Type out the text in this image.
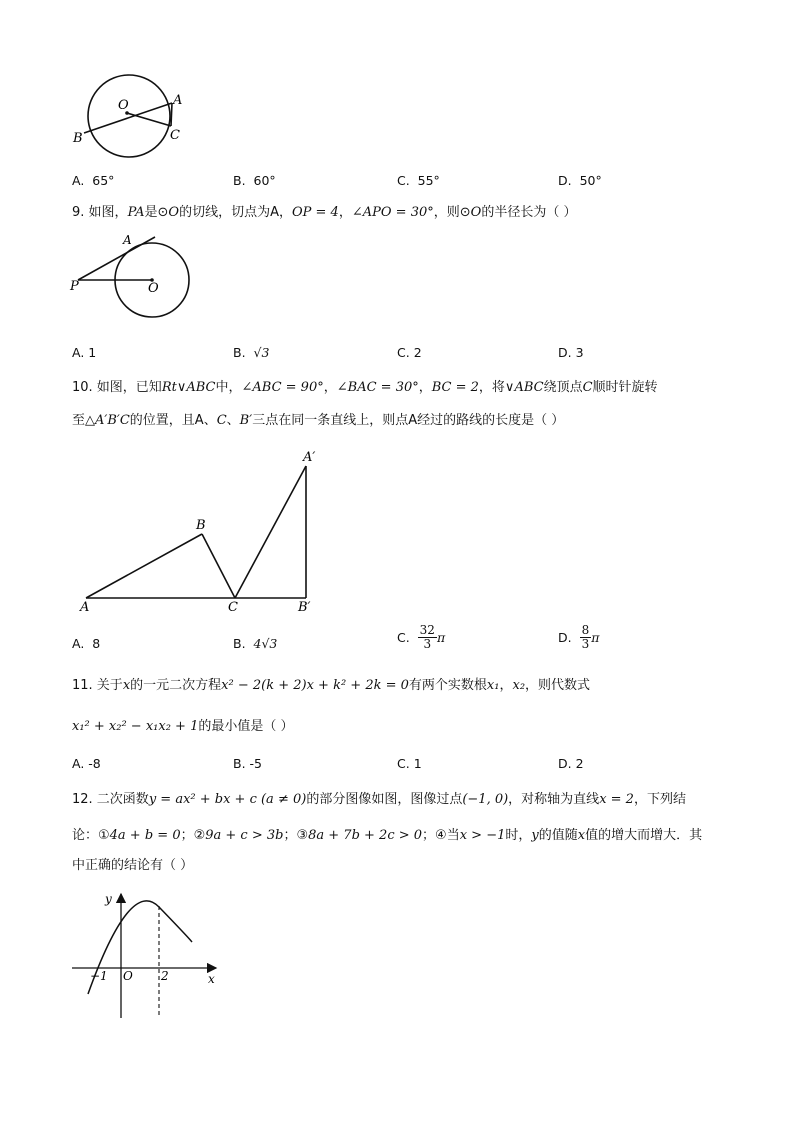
O	A
B	C
A. 65°	B. 60°	C. 55°	D. 50°
9. 如图，PA是⊙O的切线，切点为A，OP = 4，∠APO = 30°，则⊙O的半径长为（ ）
A
P	O
A. 1	B. √3	C. 2	D. 3
10. 如图，已知Rt∨ABC中，∠ABC = 90°，∠BAC = 30°，BC = 2，将∨ABC绕顶点C顺时针旋转
至△A′B′C的位置，且A、C、B′三点在同一条直线上，则点A经过的路线的长度是（ ）
A
B
C
A′
B′
A. 8	B. 4√3	C. $\frac{32}{3}$ π	D. $\frac{8}{3}$ π
11. 关于x的一元二次方程x² − 2(k + 2)x + k² + 2k = 0有两个实数根x₁，x₂，则代数式
x₁² + x₂² − x₁x₂ + 1的最小值是（ ）
A. -8	B. -5	C. 1	D. 2
12. 二次函数y = ax² + bx + c (a ≠ 0)的部分图像如图，图像过点(−1, 0)，对称轴为直线x = 2，下列结
论：①4a + b = 0；②9a + c > 3b；③8a + 7b + 2c > 0；④当x > −1时，y的值随x值的增大而增大．其
中正确的结论有（ ）
y
x
O
−1	2
